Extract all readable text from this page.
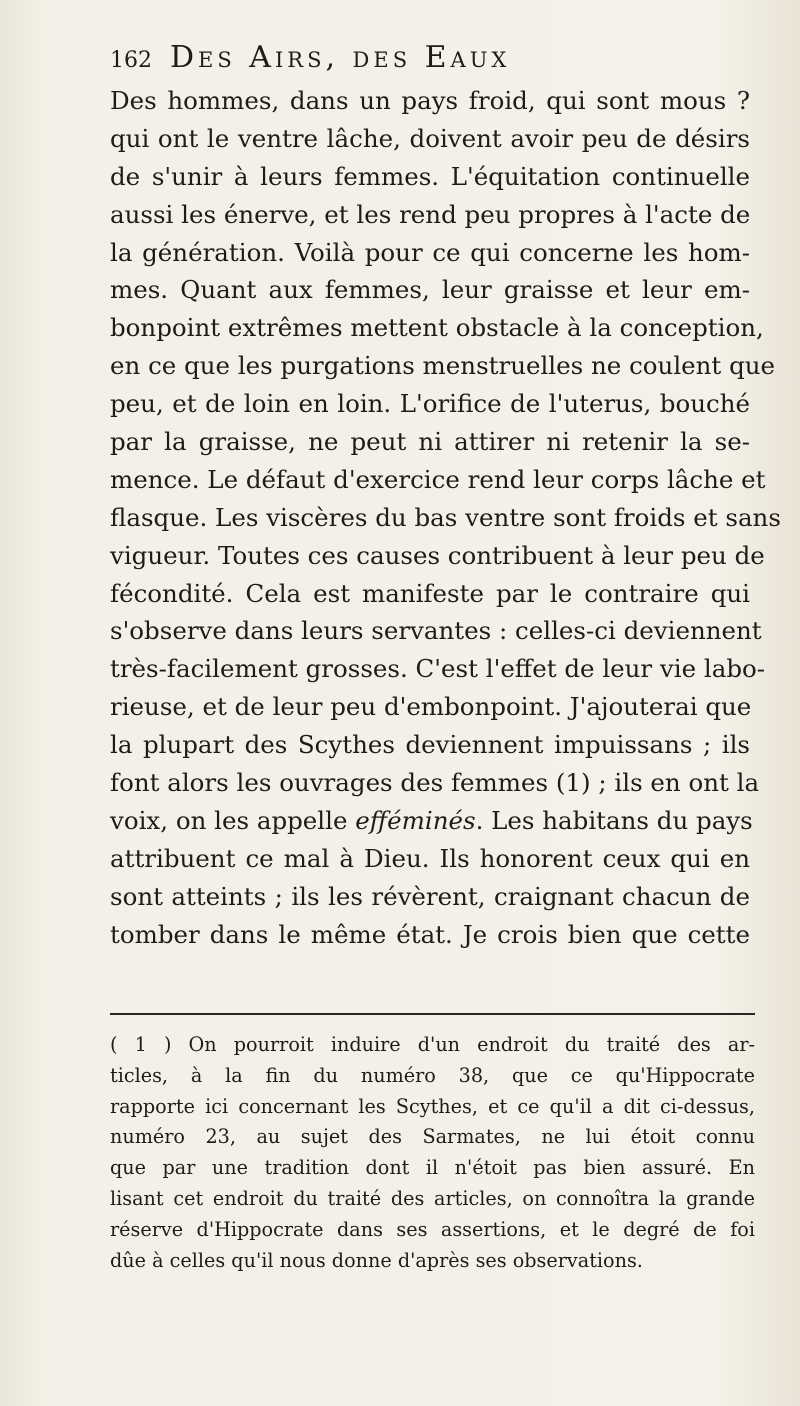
162 Des Airs, des Eaux
Des hommes, dans un pays froid, qui sont mous ?
qui ont le ventre lâche, doivent avoir peu de désirs
de s'unir à leurs femmes. L'équitation continuelle
aussi les énerve, et les rend peu propres à l'acte de
la génération. Voilà pour ce qui concerne les hom-
mes. Quant aux femmes, leur graisse et leur em-
bonpoint extrêmes mettent obstacle à la conception,
en ce que les purgations menstruelles ne coulent que
peu, et de loin en loin. L'orifice de l'uterus, bouché
par la graisse, ne peut ni attirer ni retenir la se-
mence. Le défaut d'exercice rend leur corps lâche et
flasque. Les viscères du bas ventre sont froids et sans
vigueur. Toutes ces causes contribuent à leur peu de
fécondité. Cela est manifeste par le contraire qui
s'observe dans leurs servantes : celles-ci deviennent
très-facilement grosses. C'est l'effet de leur vie labo-
rieuse, et de leur peu d'embonpoint. J'ajouterai que
la plupart des Scythes deviennent impuissans ; ils
font alors les ouvrages des femmes (1) ; ils en ont la
voix, on les appelle efféminés. Les habitans du pays
attribuent ce mal à Dieu. Ils honorent ceux qui en
sont atteints ; ils les révèrent, craignant chacun de
tomber dans le même état. Je crois bien que cette
( 1 ) On pourroit induire d'un endroit du traité des ar-
ticles, à la fin du numéro 38, que ce qu'Hippocrate
rapporte ici concernant les Scythes, et ce qu'il a dit ci-dessus,
numéro 23, au sujet des Sarmates, ne lui étoit connu
que par une tradition dont il n'étoit pas bien assuré. En
lisant cet endroit du traité des articles, on connoîtra la grande
réserve d'Hippocrate dans ses assertions, et le degré de foi
dûe à celles qu'il nous donne d'après ses observations.
